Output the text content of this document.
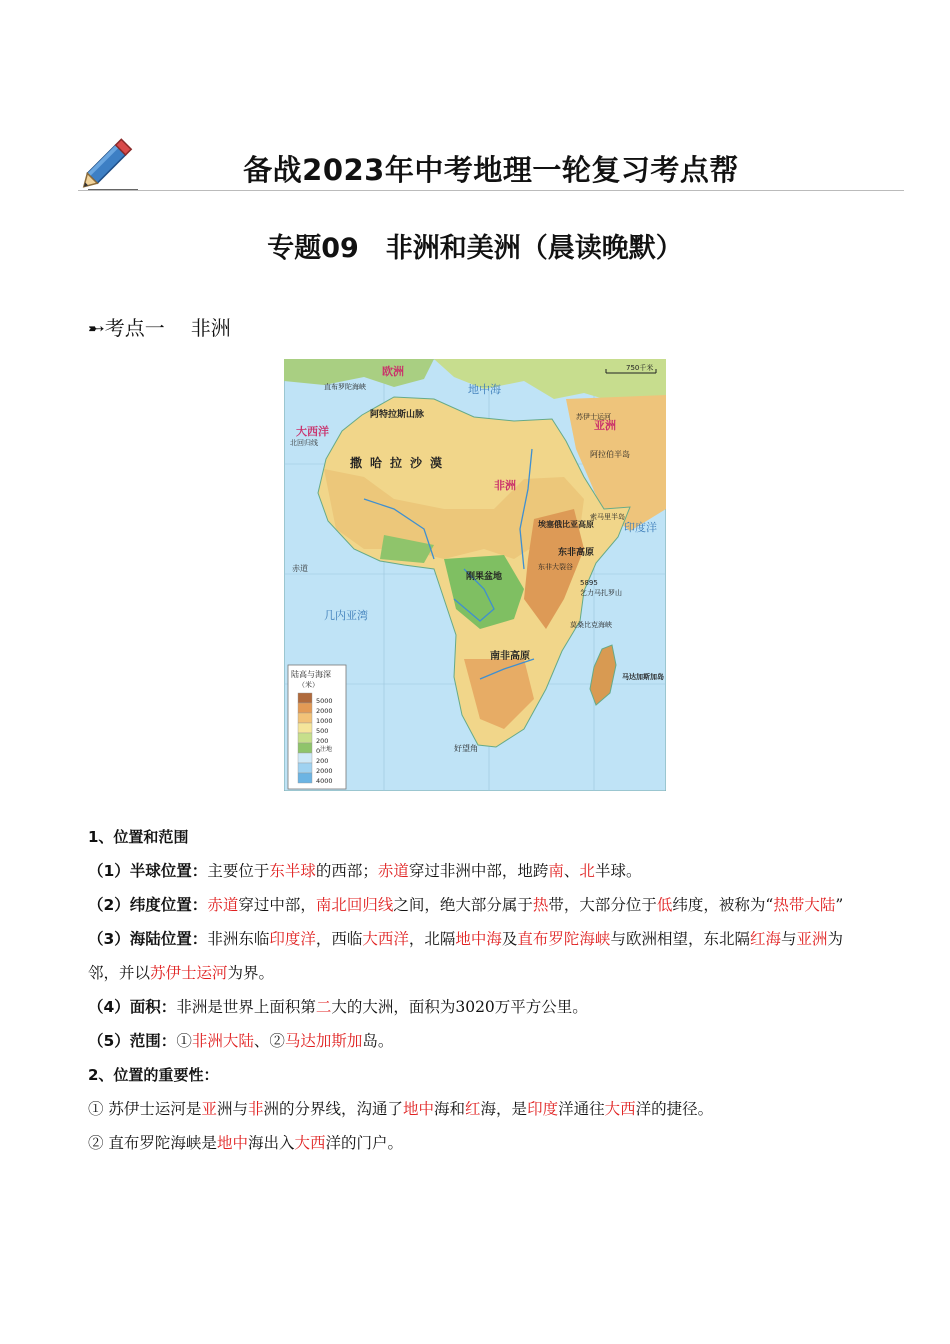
备战2023年中考地理一轮复习考点帮
专题09　非洲和美洲（晨读晚默）
➸考点一 非洲
欧洲
大西洋	亚洲
非洲
地中海
印度洋
几内亚湾
赤道
北回归线
直布罗陀海峡
阿特拉斯山脉
撒哈拉沙漠
苏伊士运河
阿拉伯半岛
埃塞俄比亚高原
索马里半岛
东非高原
东非大裂谷
5895
乞力马扎罗山
刚果盆地
南非高原
莫桑比克海峡
马达加斯加岛
好望角
750千米
陆高与海深
（米）
5000
2000
1000
500
200
0
200
2000
4000
注地

1、位置和范围

（1）半球位置：主要位于东半球的西部；赤道穿过非洲中部，地跨南、北半球。

（2）纬度位置：赤道穿过中部，南北回归线之间，绝大部分属于热带，大部分位于低纬度，被称为“热带大陆”

（3）海陆位置：非洲东临印度洋，西临大西洋，北隔地中海及直布罗陀海峡与欧洲相望，东北隔红海与亚洲为邻，并以苏伊士运河为界。

（4）面积：非洲是世界上面积第二大的大洲，面积为3020万平方公里。

（5）范围：①非洲大陆、②马达加斯加岛。

2、位置的重要性：

① 苏伊士运河是亚洲与非洲的分界线，沟通了地中海和红海，是印度洋通往大西洋的捷径。

② 直布罗陀海峡是地中海出入大西洋的门户。
